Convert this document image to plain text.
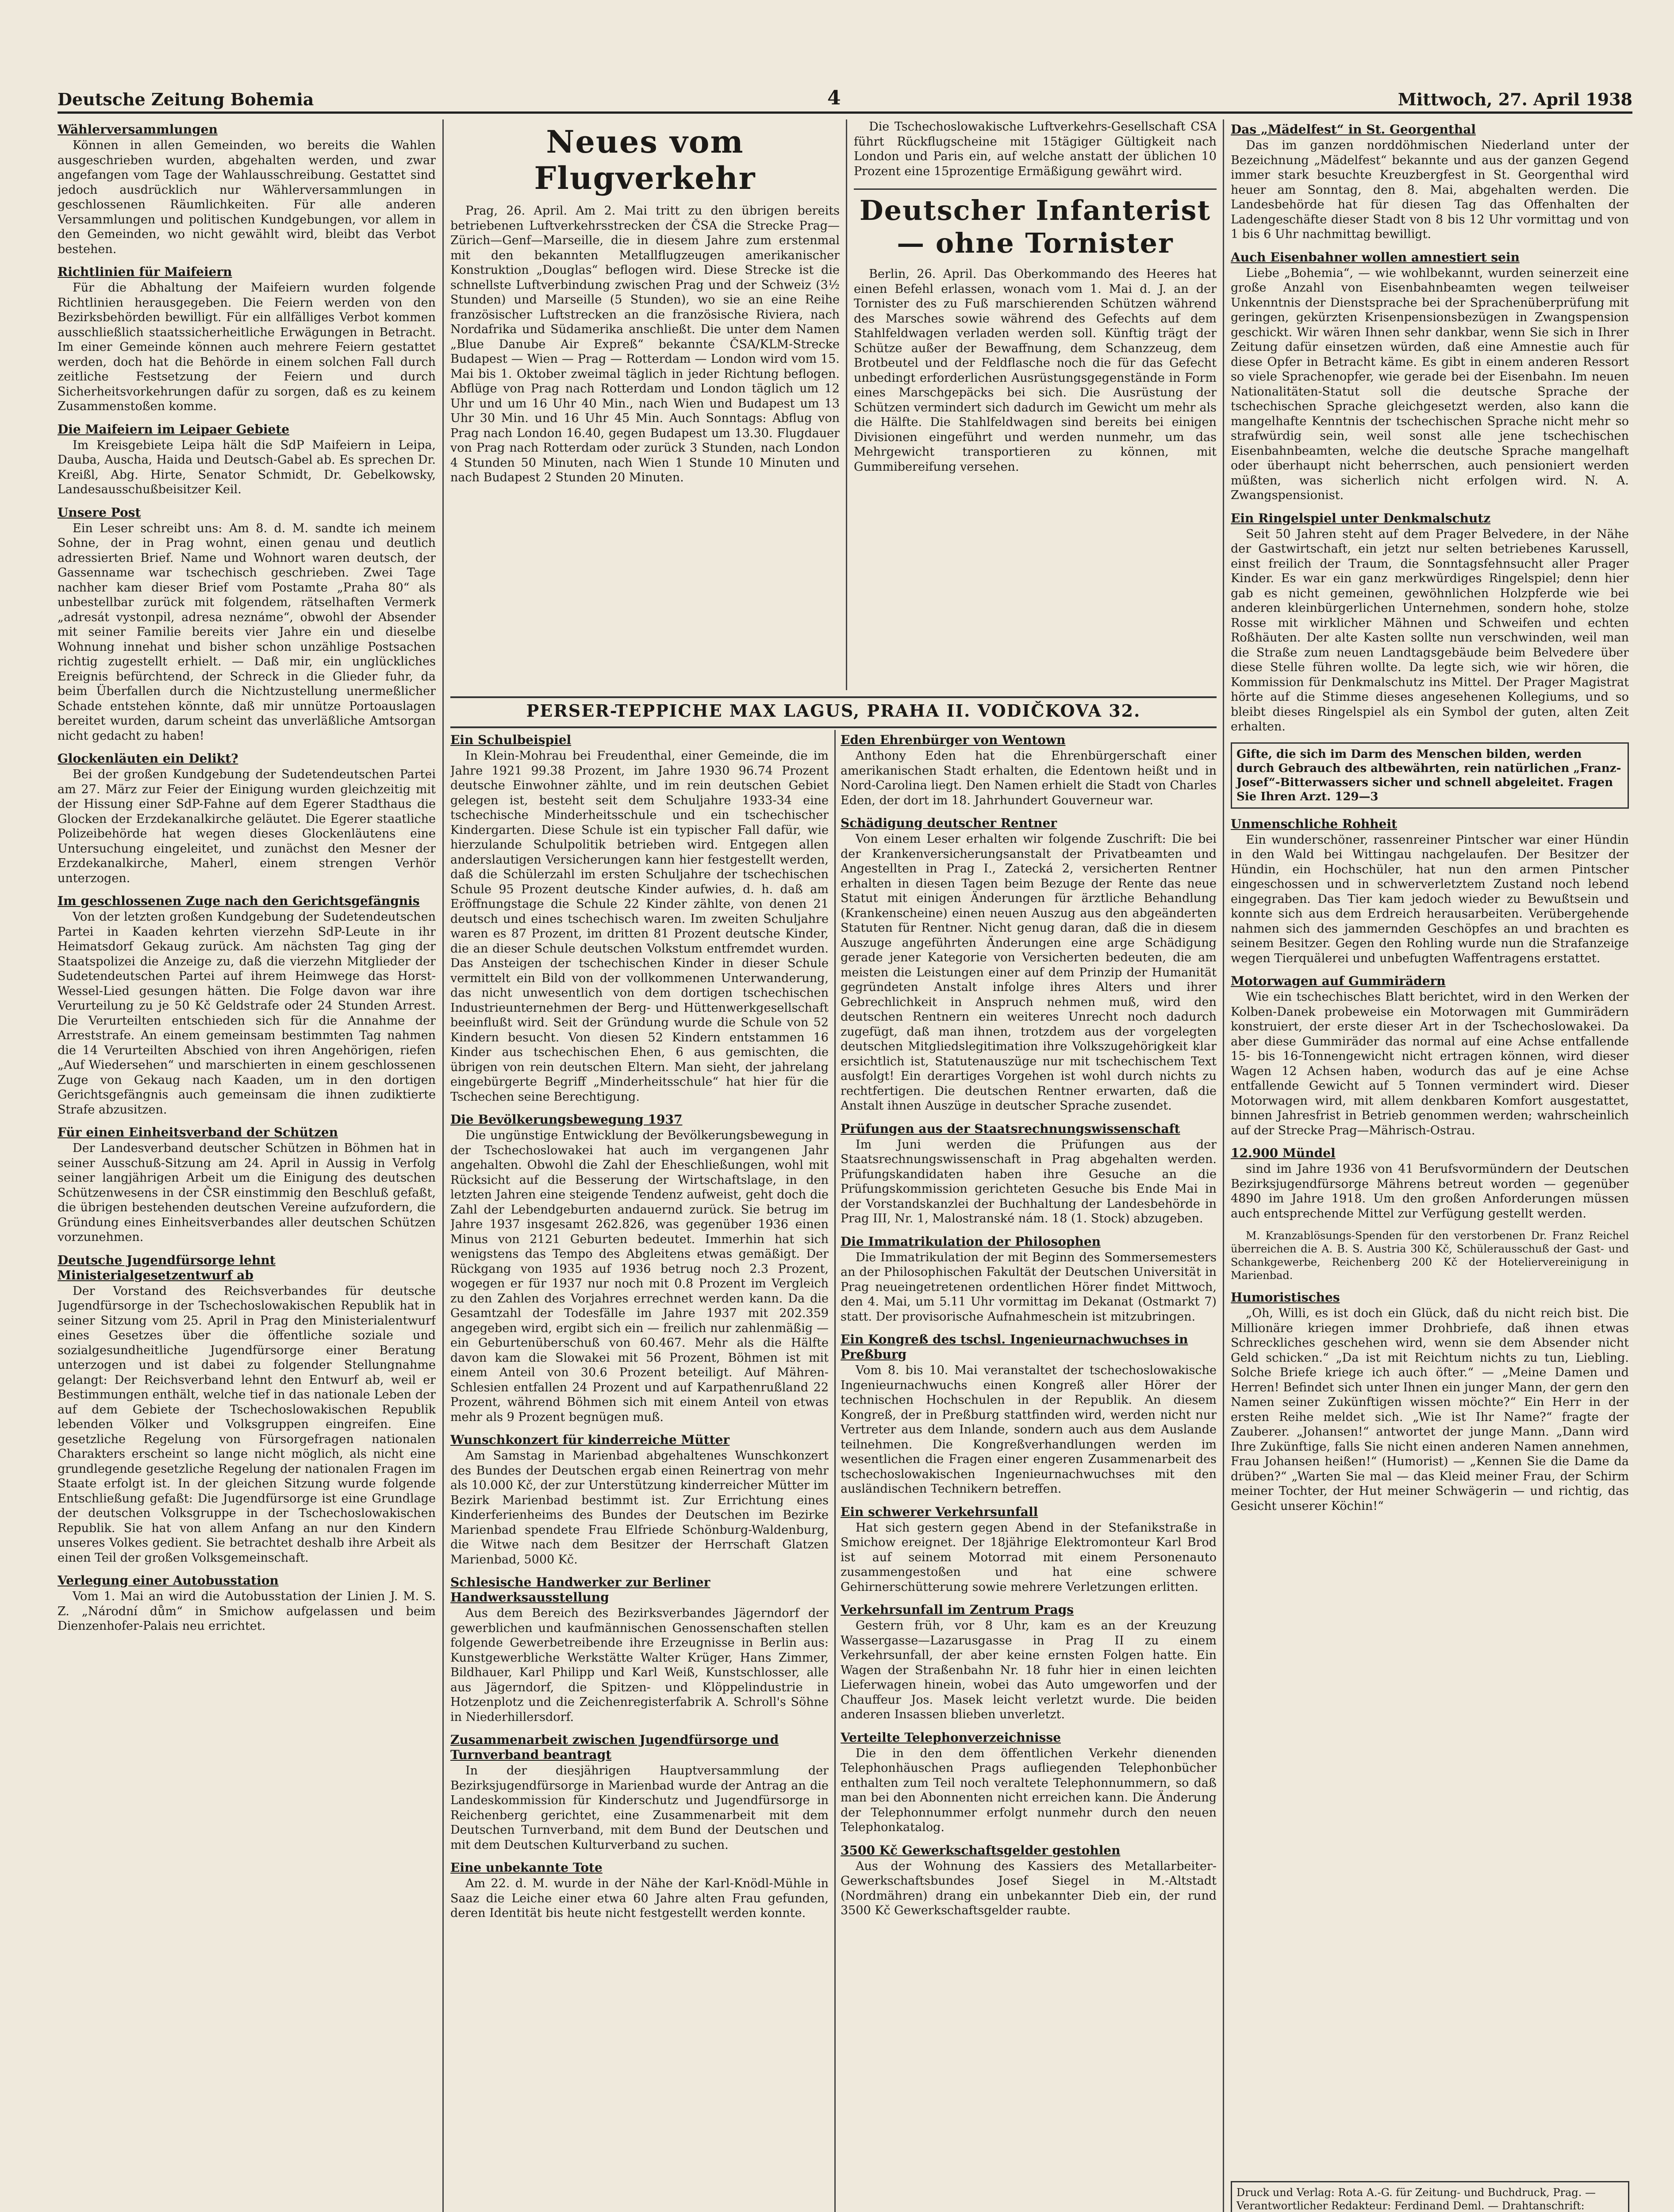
Deutsche Zeitung Bohemia	4	Mittwoch, 27. April 1938
Wählerversammlungen

Können in allen Gemeinden, wo bereits die Wahlen ausgeschrieben wurden, abgehalten werden, und zwar angefangen vom Tage der Wahlausschreibung. Gestattet sind jedoch ausdrücklich nur Wählerversammlungen in geschlossenen Räumlichkeiten. Für alle anderen Versammlungen und politischen Kundgebungen, vor allem in den Gemeinden, wo nicht gewählt wird, bleibt das Verbot bestehen.

Richtlinien für Maifeiern

Für die Abhaltung der Maifeiern wurden folgende Richtlinien herausgegeben. Die Feiern werden von den Bezirksbehörden bewilligt. Für ein allfälliges Verbot kommen ausschließlich staatssicherheitliche Erwägungen in Betracht. Im einer Gemeinde können auch mehrere Feiern gestattet werden, doch hat die Behörde in einem solchen Fall durch zeitliche Festsetzung der Feiern und durch Sicherheitsvorkehrungen dafür zu sorgen, daß es zu keinem Zusammenstoßen komme.

Die Maifeiern im Leipaer Gebiete

Im Kreisgebiete Leipa hält die SdP Maifeiern in Leipa, Dauba, Auscha, Haida und Deutsch-Gabel ab. Es sprechen Dr. Kreißl, Abg. Hirte, Senator Schmidt, Dr. Gebelkowsky, Landesausschußbeisitzer Keil.

Unsere Post

Ein Leser schreibt uns: Am 8. d. M. sandte ich meinem Sohne, der in Prag wohnt, einen genau und deutlich adressierten Brief. Name und Wohnort waren deutsch, der Gassenname war tschechisch geschrieben. Zwei Tage nachher kam dieser Brief vom Postamte „Praha 80“ als unbestellbar zurück mit folgendem, rätselhaften Vermerk „adresát vystonpil, adresa neznáme“, obwohl der Absender mit seiner Familie bereits vier Jahre ein und dieselbe Wohnung innehat und bisher schon unzählige Postsachen richtig zugestellt erhielt. — Daß mir, ein unglückliches Ereignis befürchtend, der Schreck in die Glieder fuhr, da beim Überfallen durch die Nichtzustellung unermeßlicher Schade entstehen könnte, daß mir unnütze Portoauslagen bereitet wurden, darum scheint das unverläßliche Amtsorgan nicht gedacht zu haben!

Glockenläuten ein Delikt?

Bei der großen Kundgebung der Sudetendeutschen Partei am 27. März zur Feier der Einigung wurden gleichzeitig mit der Hissung einer SdP-Fahne auf dem Egerer Stadthaus die Glocken der Erzdekanalkirche geläutet. Die Egerer staatliche Polizeibehörde hat wegen dieses Glockenläutens eine Untersuchung eingeleitet, und zunächst den Mesner der Erzdekanalkirche, Maherl, einem strengen Verhör unterzogen.

Im geschlossenen Zuge nach den Gerichtsgefängnis

Von der letzten großen Kundgebung der Sudetendeutschen Partei in Kaaden kehrten vierzehn SdP-Leute in ihr Heimatsdorf Gekaug zurück. Am nächsten Tag ging der Staatspolizei die Anzeige zu, daß die vierzehn Mitglieder der Sudetendeutschen Partei auf ihrem Heimwege das Horst-Wessel-Lied gesungen hätten. Die Folge davon war ihre Verurteilung zu je 50 Kč Geldstrafe oder 24 Stunden Arrest. Die Verurteilten entschieden sich für die Annahme der Arreststrafe. An einem gemeinsam bestimmten Tag nahmen die 14 Verurteilten Abschied von ihren Angehörigen, riefen „Auf Wiedersehen“ und marschierten in einem geschlossenen Zuge von Gekaug nach Kaaden, um in den dortigen Gerichtsgefängnis auch gemeinsam die ihnen zudiktierte Strafe abzusitzen.

Für einen Einheitsverband der Schützen

Der Landesverband deutscher Schützen in Böhmen hat in seiner Ausschuß-Sitzung am 24. April in Aussig in Verfolg seiner langjährigen Arbeit um die Einigung des deutschen Schützenwesens in der ČSR einstimmig den Beschluß gefaßt, die übrigen bestehenden deutschen Vereine aufzufordern, die Gründung eines Einheitsverbandes aller deutschen Schützen vorzunehmen.

Deutsche Jugendfürsorge lehnt Ministerialgesetzentwurf ab

Der Vorstand des Reichsverbandes für deutsche Jugendfürsorge in der Tschechoslowakischen Republik hat in seiner Sitzung vom 25. April in Prag den Ministerialentwurf eines Gesetzes über die öffentliche soziale und sozialgesundheitliche Jugendfürsorge einer Beratung unterzogen und ist dabei zu folgender Stellungnahme gelangt: Der Reichsverband lehnt den Entwurf ab, weil er Bestimmungen enthält, welche tief in das nationale Leben der auf dem Gebiete der Tschechoslowakischen Republik lebenden Völker und Volksgruppen eingreifen. Eine gesetzliche Regelung von Fürsorgefragen nationalen Charakters erscheint so lange nicht möglich, als nicht eine grundlegende gesetzliche Regelung der nationalen Fragen im Staate erfolgt ist. In der gleichen Sitzung wurde folgende Entschließung gefaßt: Die Jugendfürsorge ist eine Grundlage der deutschen Volksgruppe in der Tschechoslowakischen Republik. Sie hat von allem Anfang an nur den Kindern unseres Volkes gedient. Sie betrachtet deshalb ihre Arbeit als einen Teil der großen Volksgemeinschaft.

Verlegung einer Autobusstation

Vom 1. Mai an wird die Autobusstation der Linien J. M. S. Z. „Národní dům“ in Smichow aufgelassen und beim Dienzenhofer-Palais neu errichtet.

Neues vom Flugverkehr

Prag, 26. April. Am 2. Mai tritt zu den übrigen bereits betriebenen Luftverkehrsstrecken der ČSA die Strecke Prag—Zürich—Genf—Marseille, die in diesem Jahre zum erstenmal mit den bekannten Metallflugzeugen amerikanischer Konstruktion „Douglas“ beflogen wird. Diese Strecke ist die schnellste Luftverbindung zwischen Prag und der Schweiz (3½ Stunden) und Marseille (5 Stunden), wo sie an eine Reihe französischer Luftstrecken an die französische Riviera, nach Nordafrika und Südamerika anschließt. Die unter dem Namen „Blue Danube Air Expreß“ bekannte ČSA/KLM-Strecke Budapest — Wien — Prag — Rotterdam — London wird vom 15. Mai bis 1. Oktober zweimal täglich in jeder Richtung beflogen. Abflüge von Prag nach Rotterdam und London täglich um 12 Uhr und um 16 Uhr 40 Min., nach Wien und Budapest um 13 Uhr 30 Min. und 16 Uhr 45 Min. Auch Sonntags: Abflug von Prag nach London 16.40, gegen Budapest um 13.30. Flugdauer von Prag nach Rotterdam oder zurück 3 Stunden, nach London 4 Stunden 50 Minuten, nach Wien 1 Stunde 10 Minuten und nach Budapest 2 Stunden 20 Minuten.

Die Tschechoslowakische Luftverkehrs-Gesellschaft CSA führt Rückflugscheine mit 15tägiger Gültigkeit nach London und Paris ein, auf welche anstatt der üblichen 10 Prozent eine 15prozentige Ermäßigung gewährt wird.

Deutscher Infanterist — ohne Tornister

Berlin, 26. April. Das Oberkommando des Heeres hat einen Befehl erlassen, wonach vom 1. Mai d. J. an der Tornister des zu Fuß marschierenden Schützen während des Marsches sowie während des Gefechts auf dem Stahlfeldwagen verladen werden soll. Künftig trägt der Schütze außer der Bewaffnung, dem Schanzzeug, dem Brotbeutel und der Feldflasche noch die für das Gefecht unbedingt erforderlichen Ausrüstungsgegenstände in Form eines Marschgepäcks bei sich. Die Ausrüstung der Schützen vermindert sich dadurch im Gewicht um mehr als die Hälfte. Die Stahlfeldwagen sind bereits bei einigen Divisionen eingeführt und werden nunmehr, um das Mehrgewicht transportieren zu können, mit Gummibereifung versehen.

PERSER-TEPPICHE MAX LAGUS, PRAHA II. VODIČKOVA 32.
Ein Schulbeispiel

In Klein-Mohrau bei Freudenthal, einer Gemeinde, die im Jahre 1921 99.38 Prozent, im Jahre 1930 96.74 Prozent deutsche Einwohner zählte, und im rein deutschen Gebiet gelegen ist, besteht seit dem Schuljahre 1933-34 eine tschechische Minderheitsschule und ein tschechischer Kindergarten. Diese Schule ist ein typischer Fall dafür, wie hierzulande Schulpolitik betrieben wird. Entgegen allen anderslautigen Versicherungen kann hier festgestellt werden, daß die Schülerzahl im ersten Schuljahre der tschechischen Schule 95 Prozent deutsche Kinder aufwies, d. h. daß am Eröffnungstage die Schule 22 Kinder zählte, von denen 21 deutsch und eines tschechisch waren. Im zweiten Schuljahre waren es 87 Prozent, im dritten 81 Prozent deutsche Kinder, die an dieser Schule deutschen Volkstum entfremdet wurden. Das Ansteigen der tschechischen Kinder in dieser Schule vermittelt ein Bild von der vollkommenen Unterwanderung, das nicht unwesentlich von dem dortigen tschechischen Industrieunternehmen der Berg- und Hüttenwerkgesellschaft beeinflußt wird. Seit der Gründung wurde die Schule von 52 Kindern besucht. Von diesen 52 Kindern entstammen 16 Kinder aus tschechischen Ehen, 6 aus gemischten, die übrigen von rein deutschen Eltern. Man sieht, der jahrelang eingebürgerte Begriff „Minderheitsschule“ hat hier für die Tschechen seine Berechtigung.

Die Bevölkerungsbewegung 1937

Die ungünstige Entwicklung der Bevölkerungsbewegung in der Tschechoslowakei hat auch im vergangenen Jahr angehalten. Obwohl die Zahl der Eheschließungen, wohl mit Rücksicht auf die Besserung der Wirtschaftslage, in den letzten Jahren eine steigende Tendenz aufweist, geht doch die Zahl der Lebendgeburten andauernd zurück. Sie betrug im Jahre 1937 insgesamt 262.826, was gegenüber 1936 einen Minus von 2121 Geburten bedeutet. Immerhin hat sich wenigstens das Tempo des Abgleitens etwas gemäßigt. Der Rückgang von 1935 auf 1936 betrug noch 2.3 Prozent, wogegen er für 1937 nur noch mit 0.8 Prozent im Vergleich zu den Zahlen des Vorjahres errechnet werden kann. Da die Gesamtzahl der Todesfälle im Jahre 1937 mit 202.359 angegeben wird, ergibt sich ein — freilich nur zahlenmäßig — ein Geburtenüberschuß von 60.467. Mehr als die Hälfte davon kam die Slowakei mit 56 Prozent, Böhmen ist mit einem Anteil von 30.6 Prozent beteiligt. Auf Mähren-Schlesien entfallen 24 Prozent und auf Karpathenrußland 22 Prozent, während Böhmen sich mit einem Anteil von etwas mehr als 9 Prozent begnügen muß.

Wunschkonzert für kinderreiche Mütter

Am Samstag in Marienbad abgehaltenes Wunschkonzert des Bundes der Deutschen ergab einen Reinertrag von mehr als 10.000 Kč, der zur Unterstützung kinderreicher Mütter im Bezirk Marienbad bestimmt ist. Zur Errichtung eines Kinderferienheims des Bundes der Deutschen im Bezirke Marienbad spendete Frau Elfriede Schönburg-Waldenburg, die Witwe nach dem Besitzer der Herrschaft Glatzen Marienbad, 5000 Kč.

Schlesische Handwerker zur Berliner Handwerksausstellung

Aus dem Bereich des Bezirksverbandes Jägerndorf der gewerblichen und kaufmännischen Genossenschaften stellen folgende Gewerbetreibende ihre Erzeugnisse in Berlin aus: Kunstgewerbliche Werkstätte Walter Krüger, Hans Zimmer, Bildhauer, Karl Philipp und Karl Weiß, Kunstschlosser, alle aus Jägerndorf, die Spitzen- und Klöppelindustrie in Hotzenplotz und die Zeichenregisterfabrik A. Schroll's Söhne in Niederhillersdorf.

Zusammenarbeit zwischen Jugendfürsorge und Turnverband beantragt

In der diesjährigen Hauptversammlung der Bezirksjugendfürsorge in Marienbad wurde der Antrag an die Landeskommission für Kinderschutz und Jugendfürsorge in Reichenberg gerichtet, eine Zusammenarbeit mit dem Deutschen Turnverband, mit dem Bund der Deutschen und mit dem Deutschen Kulturverband zu suchen.

Eine unbekannte Tote

Am 22. d. M. wurde in der Nähe der Karl-Knödl-Mühle in Saaz die Leiche einer etwa 60 Jahre alten Frau gefunden, deren Identität bis heute nicht festgestellt werden konnte.

Eden Ehrenbürger von Wentown

Anthony Eden hat die Ehrenbürgerschaft einer amerikanischen Stadt erhalten, die Edentown heißt und in Nord-Carolina liegt. Den Namen erhielt die Stadt von Charles Eden, der dort im 18. Jahrhundert Gouverneur war.

Schädigung deutscher Rentner

Von einem Leser erhalten wir folgende Zuschrift: Die bei der Krankenversicherungsanstalt der Privatbeamten und Angestellten in Prag I., Zatecká 2, versicherten Rentner erhalten in diesen Tagen beim Bezuge der Rente das neue Statut mit einigen Änderungen für ärztliche Behandlung (Krankenscheine) einen neuen Auszug aus den abgeänderten Statuten für Rentner. Nicht genug daran, daß die in diesem Auszuge angeführten Änderungen eine arge Schädigung gerade jener Kategorie von Versicherten bedeuten, die am meisten die Leistungen einer auf dem Prinzip der Humanität gegründeten Anstalt infolge ihres Alters und ihrer Gebrechlichkeit in Anspruch nehmen muß, wird den deutschen Rentnern ein weiteres Unrecht noch dadurch zugefügt, daß man ihnen, trotzdem aus der vorgelegten deutschen Mitgliedslegitimation ihre Volkszugehörigkeit klar ersichtlich ist, Statutenauszüge nur mit tschechischem Text ausfolgt! Ein derartiges Vorgehen ist wohl durch nichts zu rechtfertigen. Die deutschen Rentner erwarten, daß die Anstalt ihnen Auszüge in deutscher Sprache zusendet.

Prüfungen aus der Staatsrechnungswissenschaft

Im Juni werden die Prüfungen aus der Staatsrechnungswissenschaft in Prag abgehalten werden. Prüfungskandidaten haben ihre Gesuche an die Prüfungskommission gerichteten Gesuche bis Ende Mai in der Vorstandskanzlei der Buchhaltung der Landesbehörde in Prag III, Nr. 1, Malostranské nám. 18 (1. Stock) abzugeben.

Die Immatrikulation der Philosophen

Die Immatrikulation der mit Beginn des Sommersemesters an der Philosophischen Fakultät der Deutschen Universität in Prag neueingetretenen ordentlichen Hörer findet Mittwoch, den 4. Mai, um 5.11 Uhr vormittag im Dekanat (Ostmarkt 7) statt. Der provisorische Aufnahmeschein ist mitzubringen.

Ein Kongreß des tschsl. Ingenieurnachwuchses in Preßburg

Vom 8. bis 10. Mai veranstaltet der tschechoslowakische Ingenieurnachwuchs einen Kongreß aller Hörer der technischen Hochschulen in der Republik. An diesem Kongreß, der in Preßburg stattfinden wird, werden nicht nur Vertreter aus dem Inlande, sondern auch aus dem Auslande teilnehmen. Die Kongreßverhandlungen werden im wesentlichen die Fragen einer engeren Zusammenarbeit des tschechoslowakischen Ingenieurnachwuchses mit den ausländischen Technikern betreffen.

Ein schwerer Verkehrsunfall

Hat sich gestern gegen Abend in der Stefanikstraße in Smichow ereignet. Der 18jährige Elektromonteur Karl Brod ist auf seinem Motorrad mit einem Personenauto zusammengestoßen und hat eine schwere Gehirnerschütterung sowie mehrere Verletzungen erlitten.

Verkehrsunfall im Zentrum Prags

Gestern früh, vor 8 Uhr, kam es an der Kreuzung Wassergasse—Lazarusgasse in Prag II zu einem Verkehrsunfall, der aber keine ernsten Folgen hatte. Ein Wagen der Straßenbahn Nr. 18 fuhr hier in einen leichten Lieferwagen hinein, wobei das Auto umgeworfen und der Chauffeur Jos. Masek leicht verletzt wurde. Die beiden anderen Insassen blieben unverletzt.

Verteilte Telephonverzeichnisse

Die in den dem öffentlichen Verkehr dienenden Telephonhäuschen Prags aufliegenden Telephonbücher enthalten zum Teil noch veraltete Telephonnummern, so daß man bei den Abonnenten nicht erreichen kann. Die Änderung der Telephonnummer erfolgt nunmehr durch den neuen Telephonkatalog.

3500 Kč Gewerkschaftsgelder gestohlen

Aus der Wohnung des Kassiers des Metallarbeiter-Gewerkschaftsbundes Josef Siegel in M.-Altstadt (Nordmähren) drang ein unbekannter Dieb ein, der rund 3500 Kč Gewerkschaftsgelder raubte.

Das „Mädelfest“ in St. Georgenthal

Das im ganzen norddöhmischen Niederland unter der Bezeichnung „Mädelfest“ bekannte und aus der ganzen Gegend immer stark besuchte Kreuzbergfest in St. Georgenthal wird heuer am Sonntag, den 8. Mai, abgehalten werden. Die Landesbehörde hat für diesen Tag das Offenhalten der Ladengeschäfte dieser Stadt von 8 bis 12 Uhr vormittag und von 1 bis 6 Uhr nachmittag bewilligt.

Auch Eisenbahner wollen amnestiert sein

Liebe „Bohemia“, — wie wohlbekannt, wurden seinerzeit eine große Anzahl von Eisenbahnbeamten wegen teilweiser Unkenntnis der Dienstsprache bei der Sprachenüberprüfung mit geringen, gekürzten Krisenpensionsbezügen in Zwangspension geschickt. Wir wären Ihnen sehr dankbar, wenn Sie sich in Ihrer Zeitung dafür einsetzen würden, daß eine Amnestie auch für diese Opfer in Betracht käme. Es gibt in einem anderen Ressort so viele Sprachenopfer, wie gerade bei der Eisenbahn. Im neuen Nationalitäten-Statut soll die deutsche Sprache der tschechischen Sprache gleichgesetzt werden, also kann die mangelhafte Kenntnis der tschechischen Sprache nicht mehr so strafwürdig sein, weil sonst alle jene tschechischen Eisenbahnbeamten, welche die deutsche Sprache mangelhaft oder überhaupt nicht beherrschen, auch pensioniert werden müßten, was sicherlich nicht erfolgen wird. N. A. Zwangspensionist.

Ein Ringelspiel unter Denkmalschutz

Seit 50 Jahren steht auf dem Prager Belvedere, in der Nähe der Gastwirtschaft, ein jetzt nur selten betriebenes Karussell, einst freilich der Traum, die Sonntagsfehnsucht aller Prager Kinder. Es war ein ganz merkwürdiges Ringelspiel; denn hier gab es nicht gemeinen, gewöhnlichen Holzpferde wie bei anderen kleinbürgerlichen Unternehmen, sondern hohe, stolze Rosse mit wirklicher Mähnen und Schweifen und echten Roßhäuten. Der alte Kasten sollte nun verschwinden, weil man die Straße zum neuen Landtagsgebäude beim Belvedere über diese Stelle führen wollte. Da legte sich, wie wir hören, die Kommission für Denkmalschutz ins Mittel. Der Prager Magistrat hörte auf die Stimme dieses angesehenen Kollegiums, und so bleibt dieses Ringelspiel als ein Symbol der guten, alten Zeit erhalten.

Gifte, die sich im Darm des Menschen bilden, werden durch Gebrauch des altbewährten, rein natürlichen „Franz-Josef“-Bitterwassers sicher und schnell abgeleitet. Fragen Sie Ihren Arzt. 129—3
Unmenschliche Rohheit

Ein wunderschöner, rassenreiner Pintscher war einer Hündin in den Wald bei Wittingau nachgelaufen. Der Besitzer der Hündin, ein Hochschüler, hat nun den armen Pintscher eingeschossen und in schwerverletztem Zustand noch lebend eingegraben. Das Tier kam jedoch wieder zu Bewußtsein und konnte sich aus dem Erdreich herausarbeiten. Verübergehende nahmen sich des jammernden Geschöpfes an und brachten es seinem Besitzer. Gegen den Rohling wurde nun die Strafanzeige wegen Tierquälerei und unbefugten Waffentragens erstattet.

Motorwagen auf Gummirädern

Wie ein tschechisches Blatt berichtet, wird in den Werken der Kolben-Danek probeweise ein Motorwagen mit Gummirädern konstruiert, der erste dieser Art in der Tschechoslowakei. Da aber diese Gummiräder das normal auf eine Achse entfallende 15- bis 16-Tonnengewicht nicht ertragen können, wird dieser Wagen 12 Achsen haben, wodurch das auf je eine Achse entfallende Gewicht auf 5 Tonnen vermindert wird. Dieser Motorwagen wird, mit allem denkbaren Komfort ausgestattet, binnen Jahresfrist in Betrieb genommen werden; wahrscheinlich auf der Strecke Prag—Mährisch-Ostrau.

12.900 Mündel

sind im Jahre 1936 von 41 Berufsvormündern der Deutschen Bezirksjugendfürsorge Mährens betreut worden — gegenüber 4890 im Jahre 1918. Um den großen Anforderungen müssen auch entsprechende Mittel zur Verfügung gestellt werden.

M. Kranzablösungs-Spenden für den verstorbenen Dr. Franz Reichel überreichen die A. B. S. Austria 300 Kč, Schülerausschuß der Gast- und Schankgewerbe, Reichenberg 200 Kč der Hoteliervereinigung in Marienbad.

Humoristisches

„Oh, Willi, es ist doch ein Glück, daß du nicht reich bist. Die Millionäre kriegen immer Drohbriefe, daß ihnen etwas Schreckliches geschehen wird, wenn sie dem Absender nicht Geld schicken.“ „Da ist mit Reichtum nichts zu tun, Liebling. Solche Briefe kriege ich auch öfter.“ — „Meine Damen und Herren! Befindet sich unter Ihnen ein junger Mann, der gern den Namen seiner Zukünftigen wissen möchte?“ Ein Herr in der ersten Reihe meldet sich. „Wie ist Ihr Name?“ fragte der Zauberer. „Johansen!“ antwortet der junge Mann. „Dann wird Ihre Zukünftige, falls Sie nicht einen anderen Namen annehmen, Frau Johansen heißen!“ (Humorist) — „Kennen Sie die Dame da drüben?“ „Warten Sie mal — das Kleid meiner Frau, der Schirm meiner Tochter, der Hut meiner Schwägerin — und richtig, das Gesicht unserer Köchin!“

Druck und Verlag: Rota A.-G. für Zeitung- und Buchdruck, Prag. — Verantwortlicher Redakteur: Ferdinand Deml. — Drahtanschrift:
